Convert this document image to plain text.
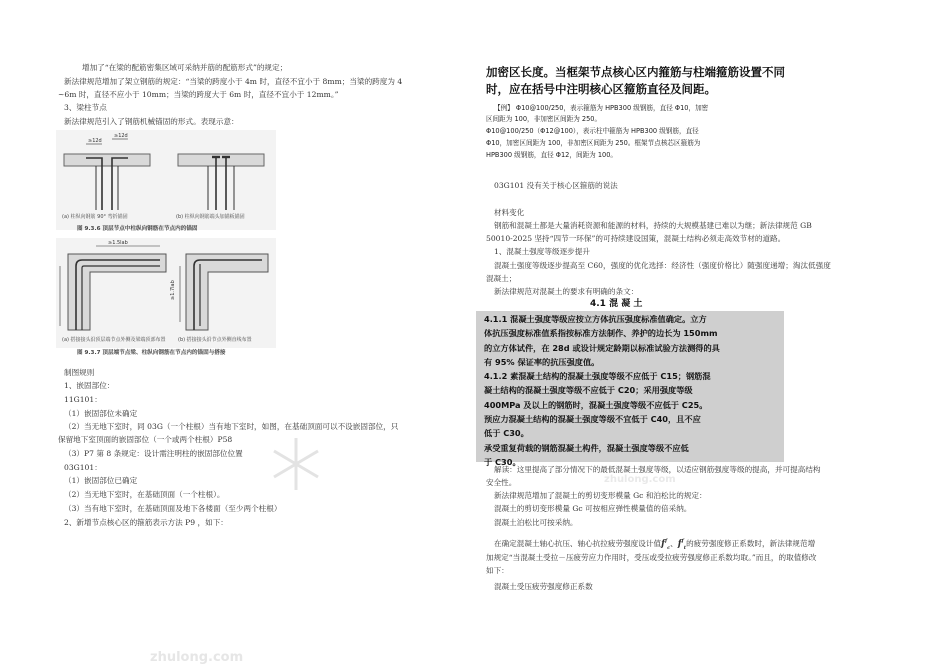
增加了“在梁的配筋密集区域可采纳并筋的配筋形式”的规定；
新法律规范增加了架立钢筋的规定：“当梁的跨度小于 4m 时，直径不宜小于 8mm；当梁的跨度为 4
~6m 时，直径不应小于 10mm；当梁的跨度大于 6m 时，直径不宜小于 12mm。”
3、梁柱节点
新法律规范引入了钢筋机械锚固的形式。表现示意：
≥12d
≥12d
(a) 柱纵向钢筋 90° 弯折锚固	(b) 柱纵向钢筋端头加锚板锚固
图 9.3.6 顶层节点中柱纵向钢筋在节点内的锚固
≥1.5lab
≥1.7lab
(a) 搭接接头沿顶层端节点外侧及梁端顶部布置 (b) 搭接接头沿节点外侧直线布置
图 9.3.7 顶层端节点梁、柱纵向钢筋在节点内的锚固与搭接
制图规则
1、嵌固部位：
11G101：
（1）嵌固部位未确定
（2）当无地下室时，同 03G（一个柱根）当有地下室时，如图，在基础顶面可以不设嵌固部位，只
保留地下室顶面的嵌固部位（一个或两个柱根）P58
（3）P7 第 8 条规定：设计需注明柱的嵌固部位位置
03G101：
（1）嵌固部位已确定
（2）当无地下室时，在基础顶面（一个柱根）。
（3）当有地下室时，在基础顶面及地下各楼面（至少两个柱根）
2、新增节点核心区的箍筋表示方法 P9 ，如下：
加密区长度。当框架节点核心区内箍筋与柱端箍筋设置不同
时，应在括号中注明核心区箍筋直径及间距。
【例】 Φ10@100/250，表示箍筋为 HPB300 级钢筋，直径 Φ10，加密
区间距为 100，非加密区间距为 250。
Φ10@100/250（Φ12@100），表示柱中箍筋为 HPB300 级钢筋，直径
Φ10，加密区间距为 100，非加密区间距为 250。框架节点核芯区箍筋为
HPB300 级钢筋，直径 Φ12，间距为 100。
03G101 没有关于核心区箍筋的说法
材料变化
钢筋和混凝土都是大量消耗资源和能源的材料，持续的大规模基建已难以为继；新法律规范 GB
50010-2025 坚持“四节一环保”的可持续建设国策，混凝土结构必须走高效节材的道路。
1、混凝土强度等级逐步提升
混凝土强度等级逐步提高至 C60，强度的优化选择：经济性（强度价格比）随强度递增；淘汰低强度
混凝土；
新法律规范对混凝土的要求有明确的条文：
4.1 混 凝 土

4.1.1 混凝土强度等级应按立方体抗压强度标准值确定。立方

体抗压强度标准值系指按标准方法制作、养护的边长为 150mm

的立方体试件，在 28d 或设计规定龄期以标准试验方法测得的具

有 95% 保证率的抗压强度值。

4.1.2 素混凝土结构的混凝土强度等级不应低于 C15；钢筋混

凝土结构的混凝土强度等级不应低于 C20；采用强度等级

400MPa 及以上的钢筋时，混凝土强度等级不应低于 C25。

预应力混凝土结构的混凝土强度等级不宜低于 C40，且不应

低于 C30。

承受重复荷载的钢筋混凝土构件，混凝土强度等级不应低

于 C30。

解读：这里提高了部分情况下的最低混凝土强度等级，以适应钢筋强度等级的提高，并可提高结构
安全性。
新法律规范增加了混凝土的剪切变形模量 Gc 和泊松比的规定：
混凝土的剪切变形模量 Gc 可按相应弹性模量值的倍采纳。
混凝土泊松比可按采纳。
在确定混凝土轴心抗压、轴心抗拉疲劳强度设计值$f^f_c$、$f^f_t$的疲劳强度修正系数时，新法律规范增
加规定“当混凝土受拉－压疲劳应力作用时，受压或受拉疲劳强度修正系数均取。”而且，的取值修改
如下：
混凝土受压疲劳强度修正系数
zhulong.com
zhulong.com
